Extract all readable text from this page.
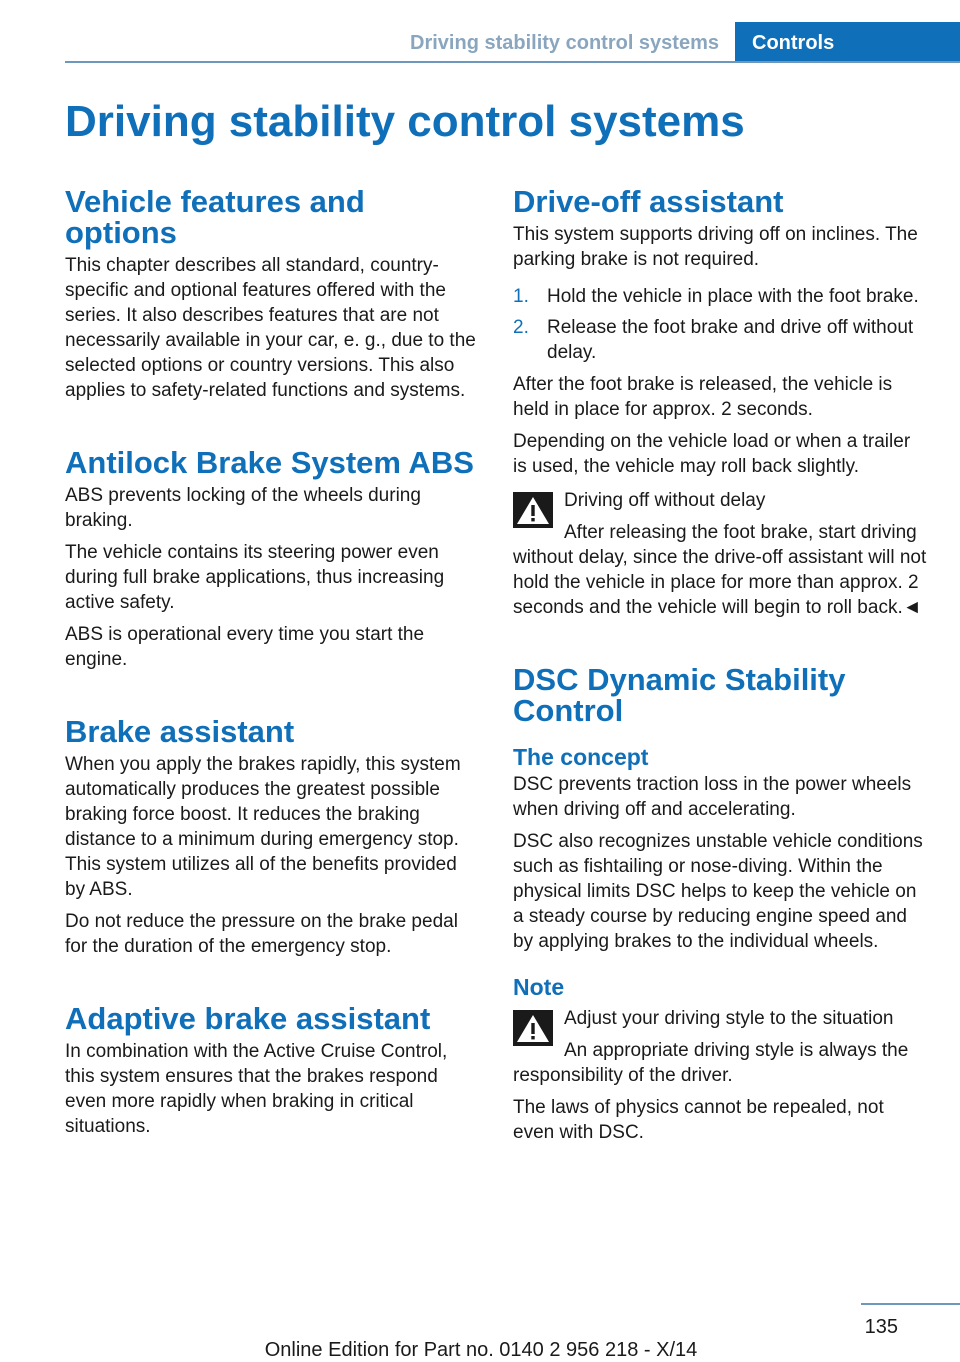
Driving stability control systems	Controls
Driving stability control systems
Vehicle features and options

This chapter describes all standard, country-specific and optional features offered with the series. It also describes features that are not necessarily available in your car, e. g., due to the selected options or country versions. This also applies to safety-related functions and systems.

Antilock Brake System ABS

ABS prevents locking of the wheels during braking.

The vehicle contains its steering power even during full brake applications, thus increasing active safety.

ABS is operational every time you start the engine.

Brake assistant

When you apply the brakes rapidly, this system automatically produces the greatest possible braking force boost. It reduces the braking distance to a minimum during emergency stop. This system utilizes all of the benefits provided by ABS.

Do not reduce the pressure on the brake pedal for the duration of the emergency stop.

Adaptive brake assistant

In combination with the Active Cruise Control, this system ensures that the brakes respond even more rapidly when braking in critical situations.

Drive-off assistant

This system supports driving off on inclines. The parking brake is not required.

1. Hold the vehicle in place with the foot brake.
2. Release the foot brake and drive off without delay.

After the foot brake is released, the vehicle is held in place for approx. 2 seconds.

Depending on the vehicle load or when a trailer is used, the vehicle may roll back slightly.

Driving off without delay
After releasing the foot brake, start driving without delay, since the drive-off assistant will not hold the vehicle in place for more than approx. 2 seconds and the vehicle will begin to roll back.◄
DSC Dynamic Stability Control
The concept

DSC prevents traction loss in the power wheels when driving off and accelerating.

DSC also recognizes unstable vehicle conditions such as fishtailing or nose-diving. Within the physical limits DSC helps to keep the vehicle on a steady course by reducing engine speed and by applying brakes to the individual wheels.

Note
Adjust your driving style to the situation
An appropriate driving style is always the responsibility of the driver.

The laws of physics cannot be repealed, not even with DSC.

135
Online Edition for Part no. 0140 2 956 218 - X/14
